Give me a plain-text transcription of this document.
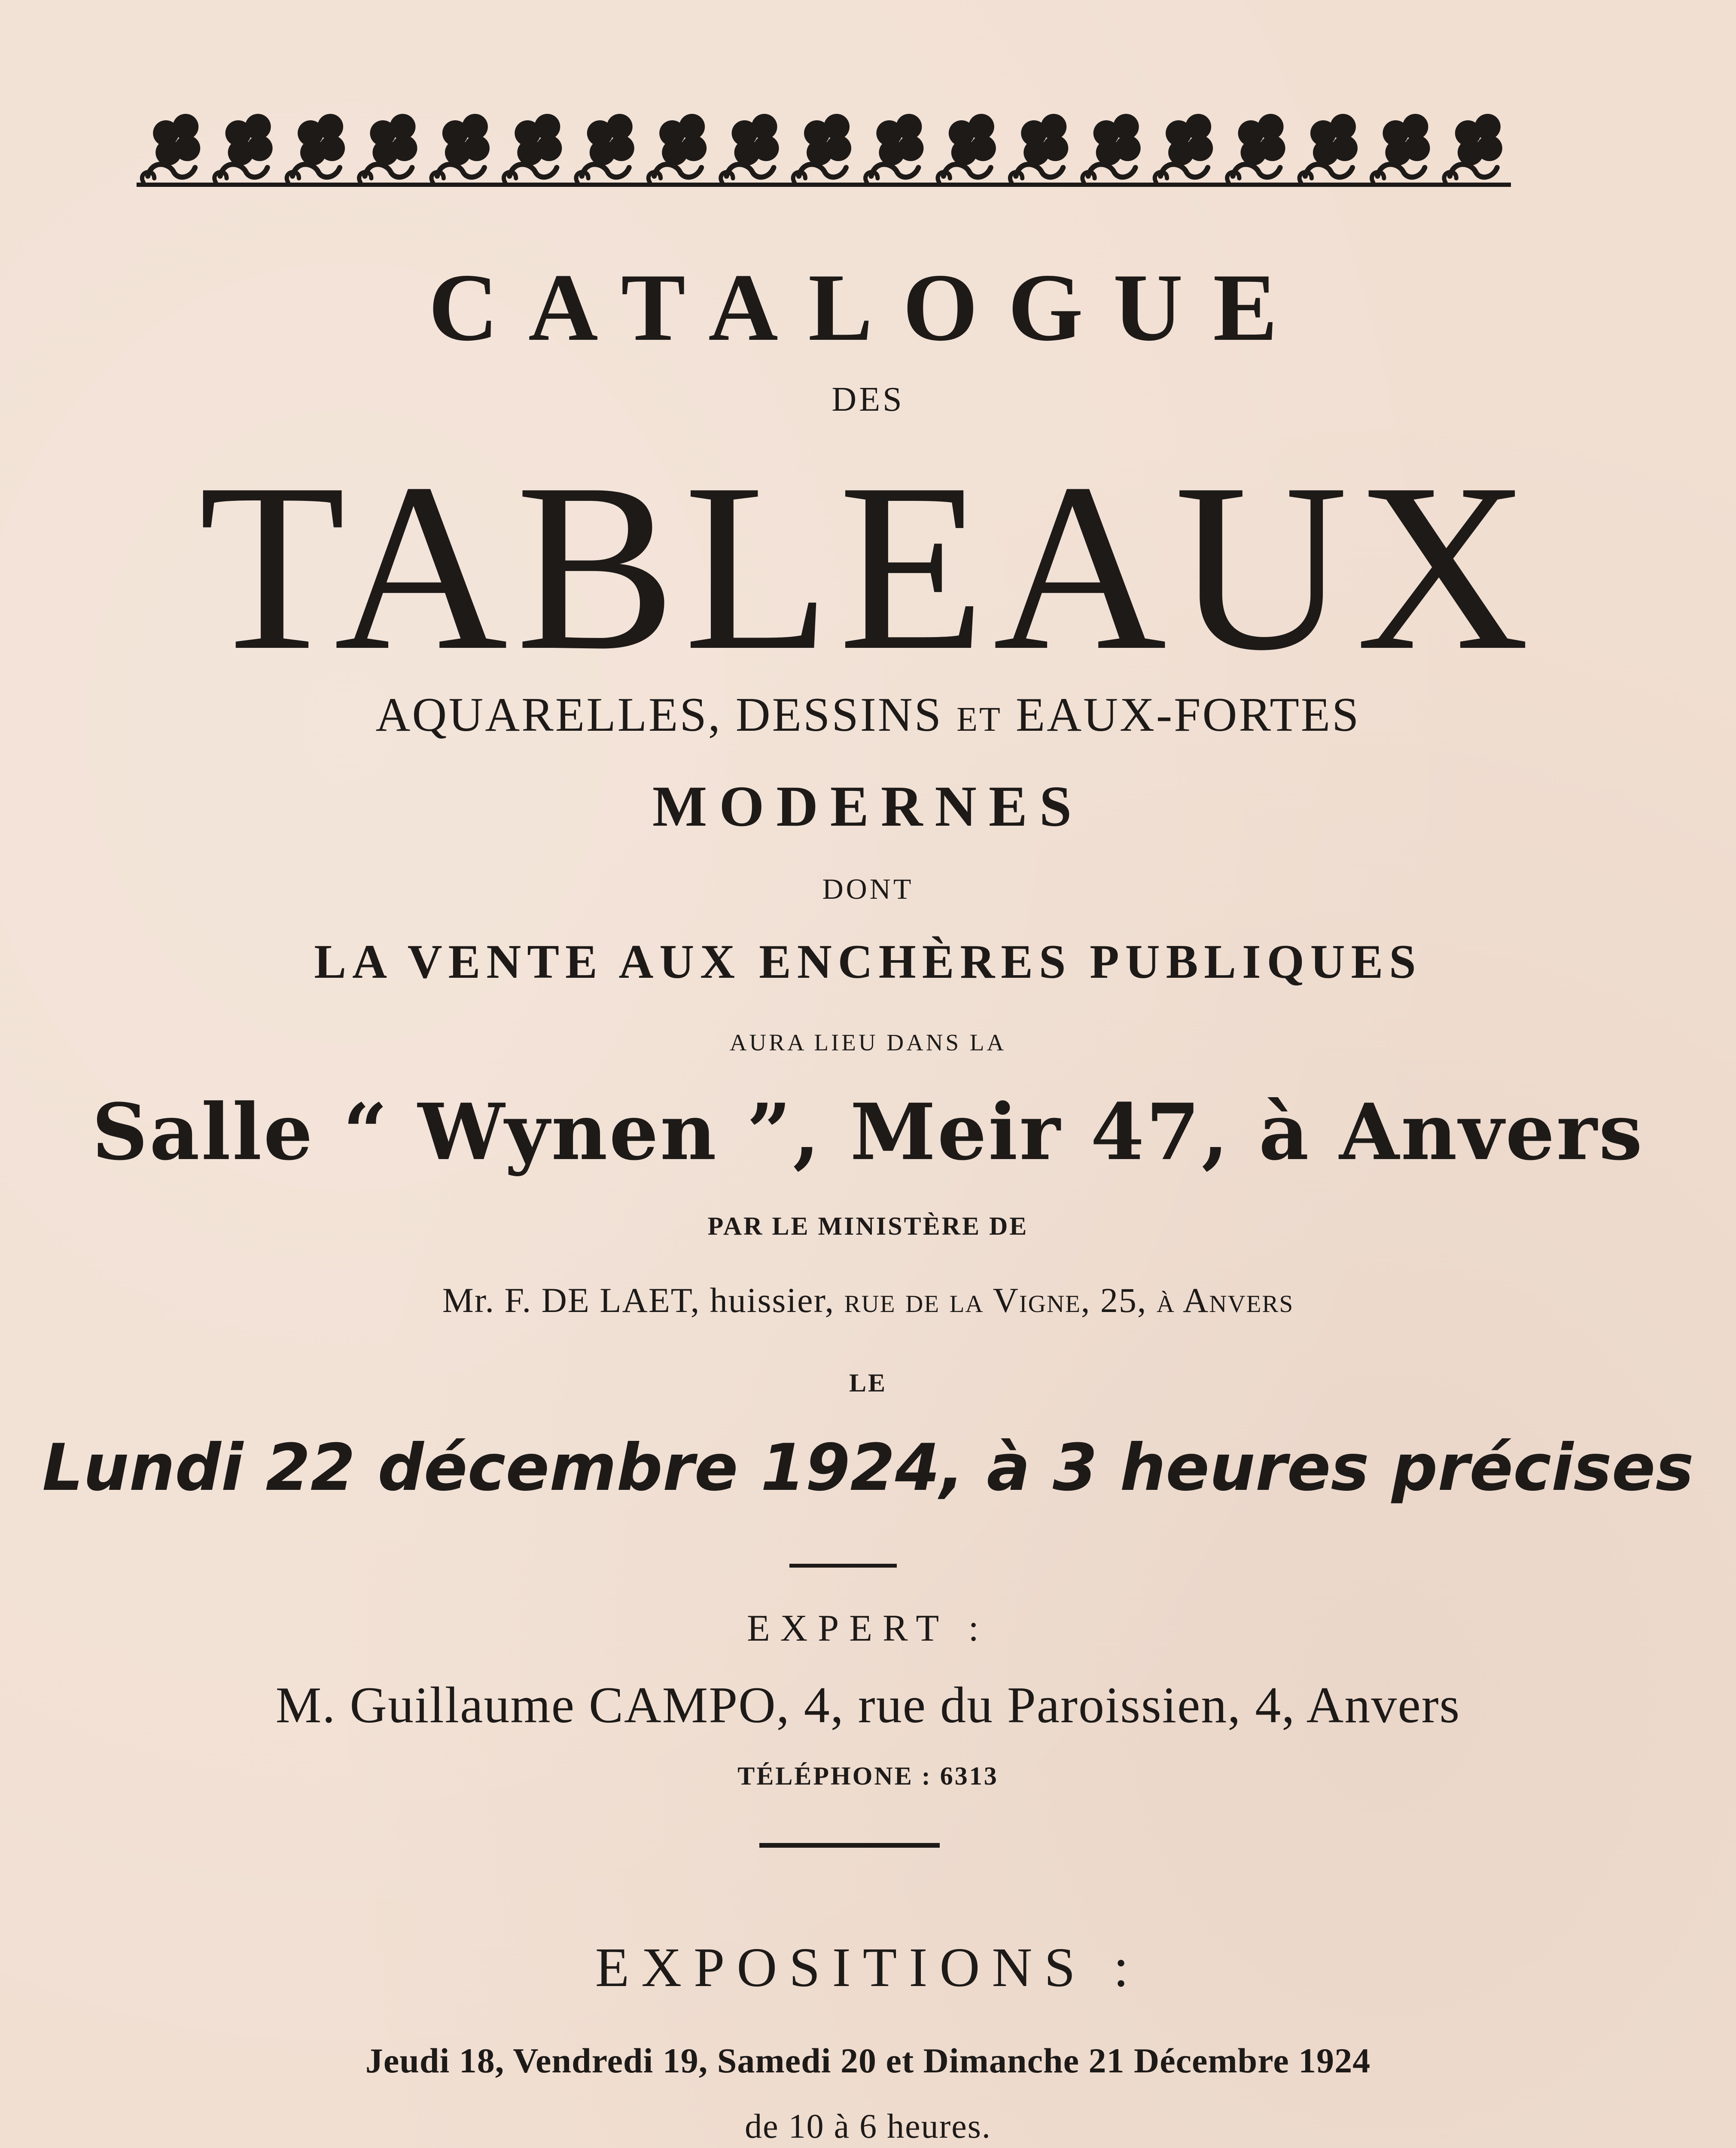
CATALOGUE
DES
TABLEAUX
AQUARELLES, DESSINS ET EAUX-FORTES
MODERNES
DONT
LA VENTE AUX ENCHÈRES PUBLIQUES
AURA LIEU DANS LA
Salle “ Wynen ”, Meir 47, à Anvers
PAR LE MINISTÈRE DE
Mr. F. DE LAET, huissier, rue de la Vigne, 25, à Anvers
LE
Lundi 22 décembre 1924, à 3 heures précises
EXPERT :
M. Guillaume CAMPO, 4, rue du Paroissien, 4, Anvers
TÉLÉPHONE : 6313
EXPOSITIONS :
Jeudi 18, Vendredi 19, Samedi 20 et Dimanche 21 Décembre 1924
de 10 à 6 heures.
